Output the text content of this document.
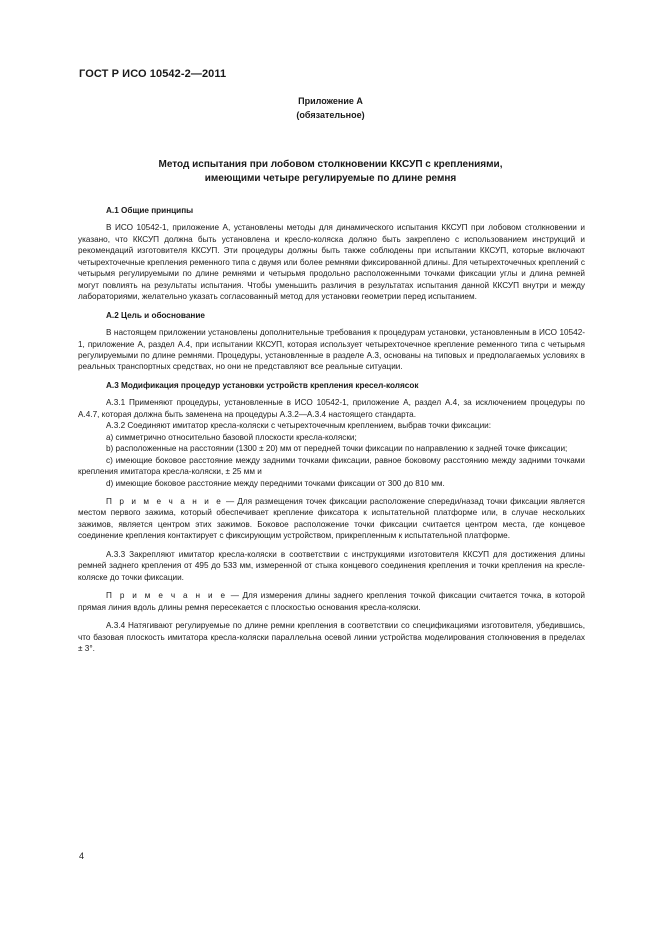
ГОСТ Р ИСО 10542-2—2011
Приложение А
(обязательное)
Метод испытания при лобовом столкновении ККСУП с креплениями,
имеющими четыре регулируемые по длине ремня

А.1 Общие принципы

В ИСО 10542-1, приложение А, установлены методы для динамического испытания ККСУП при лобовом столкновении и указано, что ККСУП должна быть установлена и кресло-коляска должно быть закреплено с использованием инструкций и рекомендаций изготовителя ККСУП. Эти процедуры должны быть также соблюдены при испытании ККСУП, которые включают четырехточечные крепления ременного типа с двумя или более ремнями фиксированной длины. Для четырехточечных креплений с четырьмя регулируемыми по длине ремнями и четырьмя продольно расположенными точками фиксации углы и длина ремней могут повлиять на результаты испытания. Чтобы уменьшить различия в результатах испытания данной ККСУП внутри и между лабораториями, желательно указать согласованный метод для установки геометрии перед испытанием.

А.2 Цель и обоснование

В настоящем приложении установлены дополнительные требования к процедурам установки, установленным в ИСО 10542-1, приложение А, раздел А.4, при испытании ККСУП, которая использует четырехточечное крепление ременного типа с четырьмя регулируемыми по длине ремнями. Процедуры, установленные в разделе А.3, основаны на типовых и предполагаемых условиях в реальных транспортных средствах, но они не представляют все реальные ситуации.

А.3 Модификация процедур установки устройств крепления кресел-колясок

А.3.1 Применяют процедуры, установленные в ИСО 10542-1, приложение А, раздел А.4, за исключением процедуры по А.4.7, которая должна быть заменена на процедуры А.3.2—А.3.4 настоящего стандарта.

А.3.2 Соединяют имитатор кресла-коляски с четырехточечным креплением, выбрав точки фиксации:

а) симметрично относительно базовой плоскости кресла-коляски;

b) расположенные на расстоянии (1300 ± 20) мм от передней точки фиксации по направлению к задней точке фиксации;

с) имеющие боковое расстояние между задними точками фиксации, равное боковому расстоянию между задними точками крепления имитатора кресла-коляски, ± 25 мм и

d) имеющие боковое расстояние между передними точками фиксации от 300 до 810 мм.

П р и м е ч а н и е — Для размещения точек фиксации расположение спереди/назад точки фиксации является местом первого зажима, который обеспечивает крепление фиксатора к испытательной платформе или, в случае нескольких зажимов, является центром этих зажимов. Боковое расположение точки фиксации считается центром места, где концевое соединение крепления контактирует с фиксирующим устройством, прикрепленным к испытательной платформе.

А.3.3 Закрепляют имитатор кресла-коляски в соответствии с инструкциями изготовителя ККСУП для достижения длины ремней заднего крепления от 495 до 533 мм, измеренной от стыка концевого соединения крепления и точки крепления на кресле-коляске до точки фиксации.

П р и м е ч а н и е — Для измерения длины заднего крепления точкой фиксации считается точка, в которой прямая линия вдоль длины ремня пересекается с плоскостью основания кресла-коляски.

А.3.4 Натягивают регулируемые по длине ремни крепления в соответствии со спецификациями изготовителя, убедившись, что базовая плоскость имитатора кресла-коляски параллельна осевой линии устройства моделирования столкновения в пределах ± 3°.

4
